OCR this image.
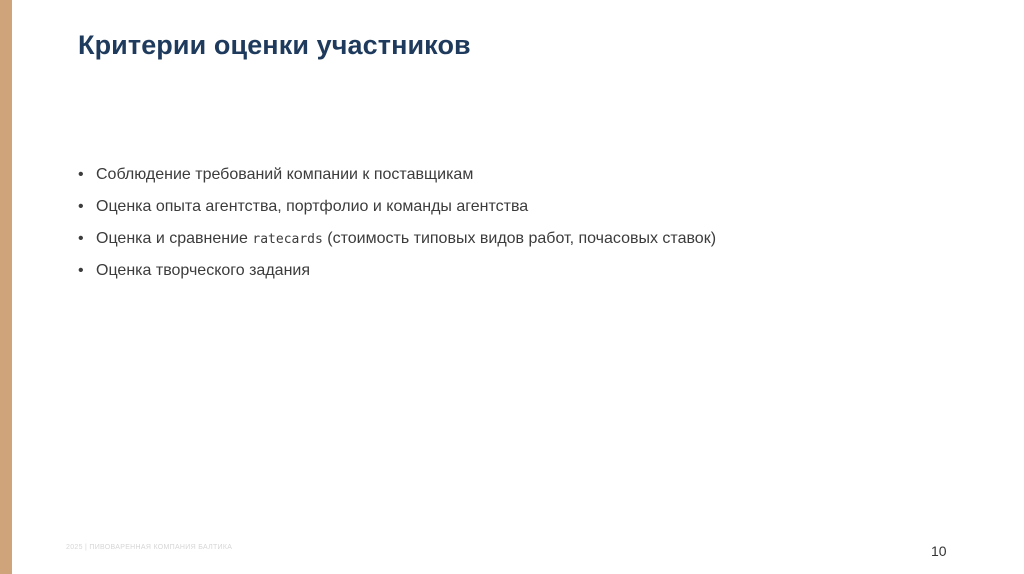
Критерии оценки участников
• Соблюдение требований компании к поставщикам
• Оценка опыта агентства, портфолио и команды агентства
• Оценка и сравнение ratecards (стоимость типовых видов работ, почасовых ставок)
• Оценка творческого задания
2025 | ПИВОВАРЕННАЯ КОМПАНИЯ БАЛТИКА	10
